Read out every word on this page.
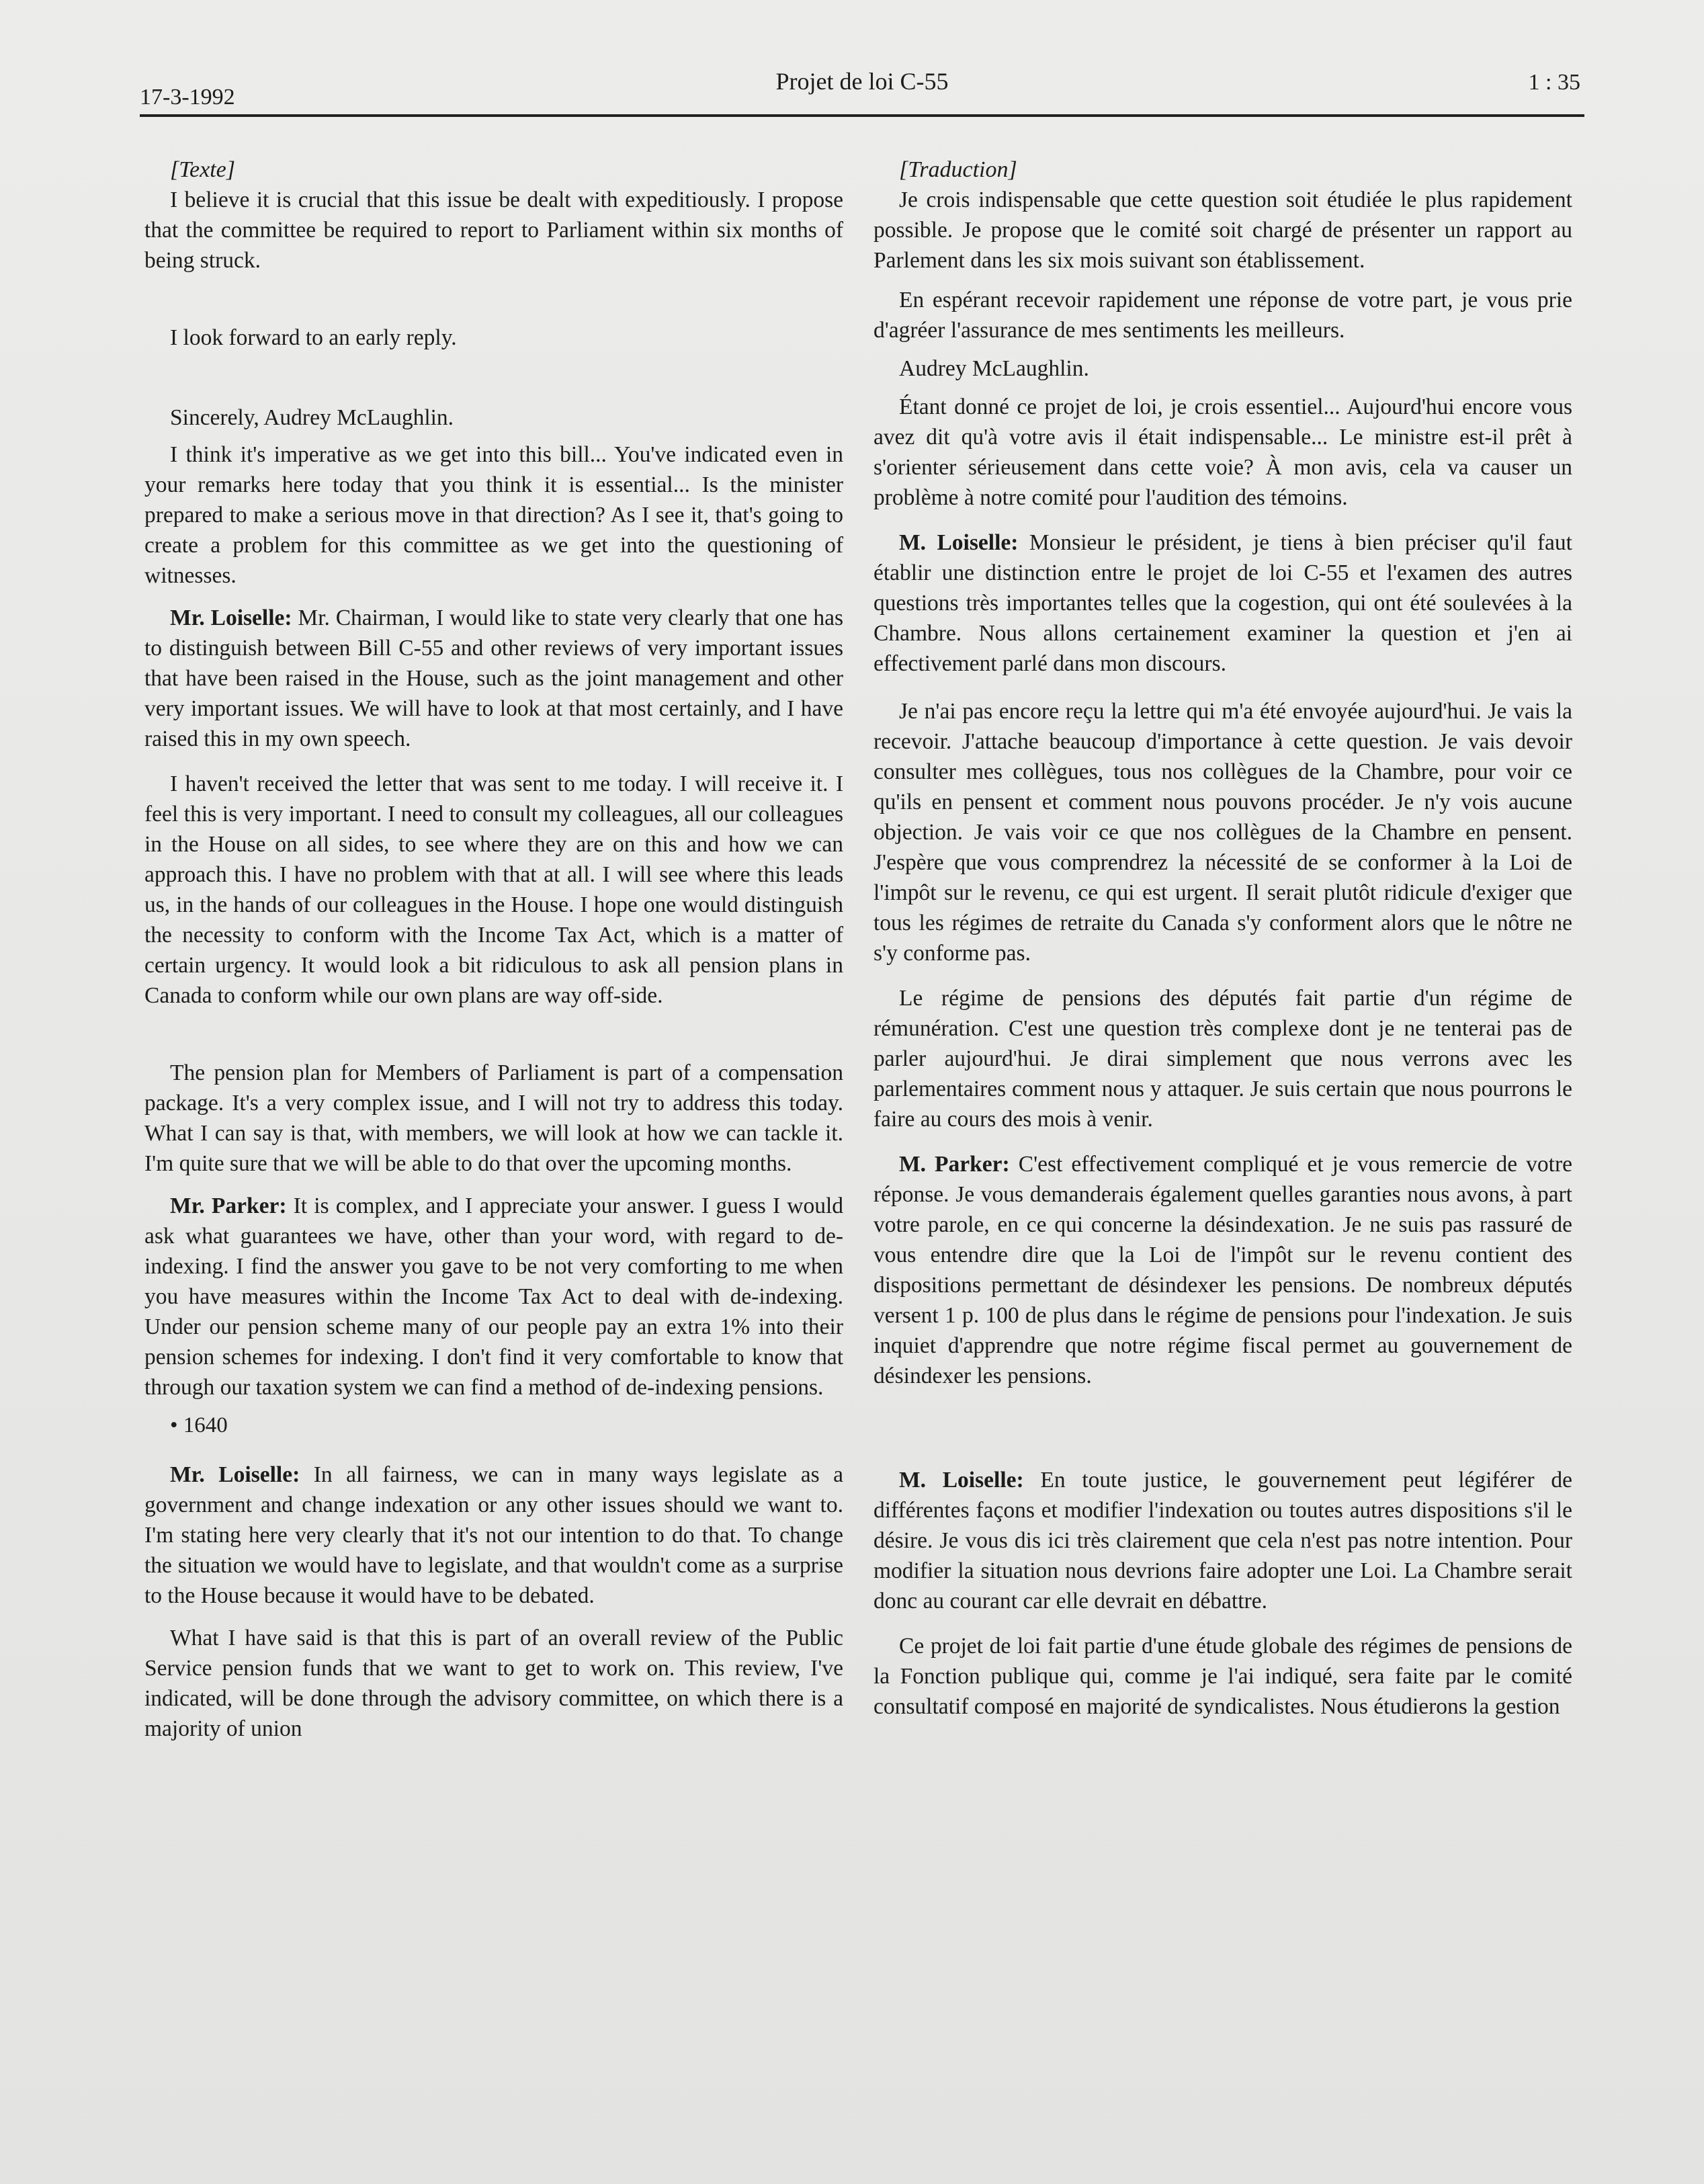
17-3-1992
Projet de loi C-55	1 : 35

[Texte]

I believe it is crucial that this issue be dealt with expeditiously. I propose that the committee be required to report to Parliament within six months of being struck.

I look forward to an early reply.

Sincerely, Audrey McLaughlin.

I think it's imperative as we get into this bill... You've indicated even in your remarks here today that you think it is essential... Is the minister prepared to make a serious move in that direction? As I see it, that's going to create a problem for this committee as we get into the questioning of witnesses.

Mr. Loiselle: Mr. Chairman, I would like to state very clearly that one has to distinguish between Bill C-55 and other reviews of very important issues that have been raised in the House, such as the joint management and other very important issues. We will have to look at that most certainly, and I have raised this in my own speech.

I haven't received the letter that was sent to me today. I will receive it. I feel this is very important. I need to consult my colleagues, all our colleagues in the House on all sides, to see where they are on this and how we can approach this. I have no problem with that at all. I will see where this leads us, in the hands of our colleagues in the House. I hope one would distinguish the necessity to conform with the Income Tax Act, which is a matter of certain urgency. It would look a bit ridiculous to ask all pension plans in Canada to conform while our own plans are way off-side.

The pension plan for Members of Parliament is part of a compensation package. It's a very complex issue, and I will not try to address this today. What I can say is that, with members, we will look at how we can tackle it. I'm quite sure that we will be able to do that over the upcoming months.

Mr. Parker: It is complex, and I appreciate your answer. I guess I would ask what guarantees we have, other than your word, with regard to de-indexing. I find the answer you gave to be not very comforting to me when you have measures within the Income Tax Act to deal with de-indexing. Under our pension scheme many of our people pay an extra 1% into their pension schemes for indexing. I don't find it very comfortable to know that through our taxation system we can find a method of de-indexing pensions.

• 1640

Mr. Loiselle: In all fairness, we can in many ways legislate as a government and change indexation or any other issues should we want to. I'm stating here very clearly that it's not our intention to do that. To change the situation we would have to legislate, and that wouldn't come as a surprise to the House because it would have to be debated.

What I have said is that this is part of an overall review of the Public Service pension funds that we want to get to work on. This review, I've indicated, will be done through the advisory committee, on which there is a majority of union

[Traduction]

Je crois indispensable que cette question soit étudiée le plus rapidement possible. Je propose que le comité soit chargé de présenter un rapport au Parlement dans les six mois suivant son établissement.

En espérant recevoir rapidement une réponse de votre part, je vous prie d'agréer l'assurance de mes sentiments les meilleurs.

Audrey McLaughlin.

Étant donné ce projet de loi, je crois essentiel... Aujourd'hui encore vous avez dit qu'à votre avis il était indispensable... Le ministre est-il prêt à s'orienter sérieusement dans cette voie? À mon avis, cela va causer un problème à notre comité pour l'audition des témoins.

M. Loiselle: Monsieur le président, je tiens à bien préciser qu'il faut établir une distinction entre le projet de loi C-55 et l'examen des autres questions très importantes telles que la cogestion, qui ont été soulevées à la Chambre. Nous allons certainement examiner la question et j'en ai effectivement parlé dans mon discours.

Je n'ai pas encore reçu la lettre qui m'a été envoyée aujourd'hui. Je vais la recevoir. J'attache beaucoup d'importance à cette question. Je vais devoir consulter mes collègues, tous nos collègues de la Chambre, pour voir ce qu'ils en pensent et comment nous pouvons procéder. Je n'y vois aucune objection. Je vais voir ce que nos collègues de la Chambre en pensent. J'espère que vous comprendrez la nécessité de se conformer à la Loi de l'impôt sur le revenu, ce qui est urgent. Il serait plutôt ridicule d'exiger que tous les régimes de retraite du Canada s'y conforment alors que le nôtre ne s'y conforme pas.

Le régime de pensions des députés fait partie d'un régime de rémunération. C'est une question très complexe dont je ne tenterai pas de parler aujourd'hui. Je dirai simplement que nous verrons avec les parlementaires comment nous y attaquer. Je suis certain que nous pourrons le faire au cours des mois à venir.

M. Parker: C'est effectivement compliqué et je vous remercie de votre réponse. Je vous demanderais également quelles garanties nous avons, à part votre parole, en ce qui concerne la désindexation. Je ne suis pas rassuré de vous entendre dire que la Loi de l'impôt sur le revenu contient des dispositions permettant de désindexer les pensions. De nombreux députés versent 1 p. 100 de plus dans le régime de pensions pour l'indexation. Je suis inquiet d'apprendre que notre régime fiscal permet au gouvernement de désindexer les pensions.

M. Loiselle: En toute justice, le gouvernement peut légiférer de différentes façons et modifier l'indexation ou toutes autres dispositions s'il le désire. Je vous dis ici très clairement que cela n'est pas notre intention. Pour modifier la situation nous devrions faire adopter une Loi. La Chambre serait donc au courant car elle devrait en débattre.

Ce projet de loi fait partie d'une étude globale des régimes de pensions de la Fonction publique qui, comme je l'ai indiqué, sera faite par le comité consultatif composé en majorité de syndicalistes. Nous étudierons la gestion
